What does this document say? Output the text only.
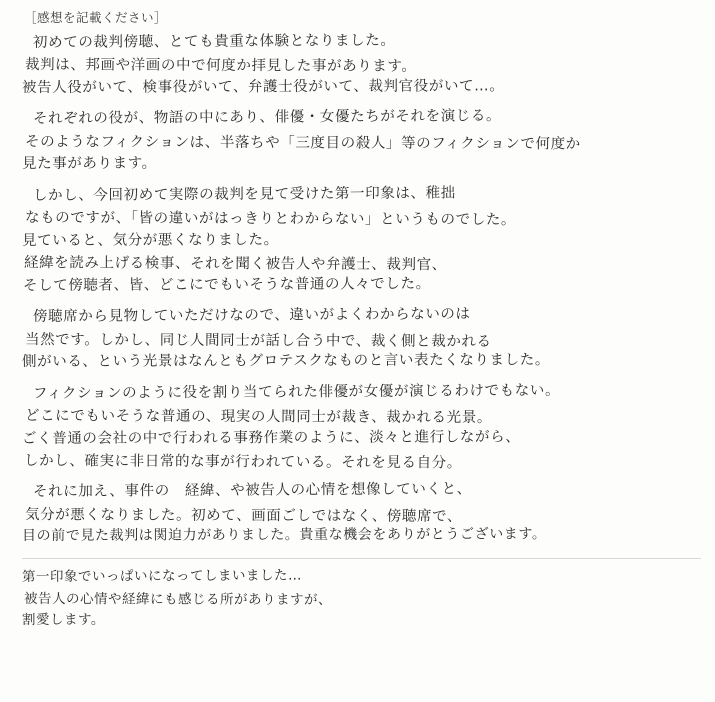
［感想を記載ください］
初めての裁判傍聴、とても貴重な体験となりました。
裁判は、邦画や洋画の中で何度か拝見した事があります。
被告人役がいて、検事役がいて、弁護士役がいて、裁判官役がいて…。
それぞれの役が、物語の中にあり、俳優・女優たちがそれを演じる。
そのようなフィクションは、半落ちや「三度目の殺人」等のフィクションで何度か
見た事があります。
しかし、今回初めて実際の裁判を見て受けた第一印象は、稚拙
なものですが、「皆の違いがはっきりとわからない」というものでした。
見ていると、気分が悪くなりました。
経緯を読み上げる検事、それを聞く被告人や弁護士、裁判官、
そして傍聴者、皆、どこにでもいそうな普通の人々でした。
傍聴席から見物していただけなので、違いがよくわからないのは
当然です。しかし、同じ人間同士が話し合う中で、裁く側と裁かれる
側がいる、という光景はなんともグロテスクなものと言い表たくなりました。
フィクションのように役を割り当てられた俳優が女優が演じるわけでもない。
どこにでもいそうな普通の、現実の人間同士が裁き、裁かれる光景。
ごく普通の会社の中で行われる事務作業のように、淡々と進行しながら、
しかし、確実に非日常的な事が行われている。それを見る自分。
それに加え、事件の　経緯、や被告人の心情を想像していくと、
気分が悪くなりました。初めて、画面ごしではなく、傍聴席で、
目の前で見た裁判は関迫力がありました。貴重な機会をありがとうございます。
第一印象でいっぱいになってしまいました…
被告人の心情や経緯にも感じる所がありますが、
割愛します。
